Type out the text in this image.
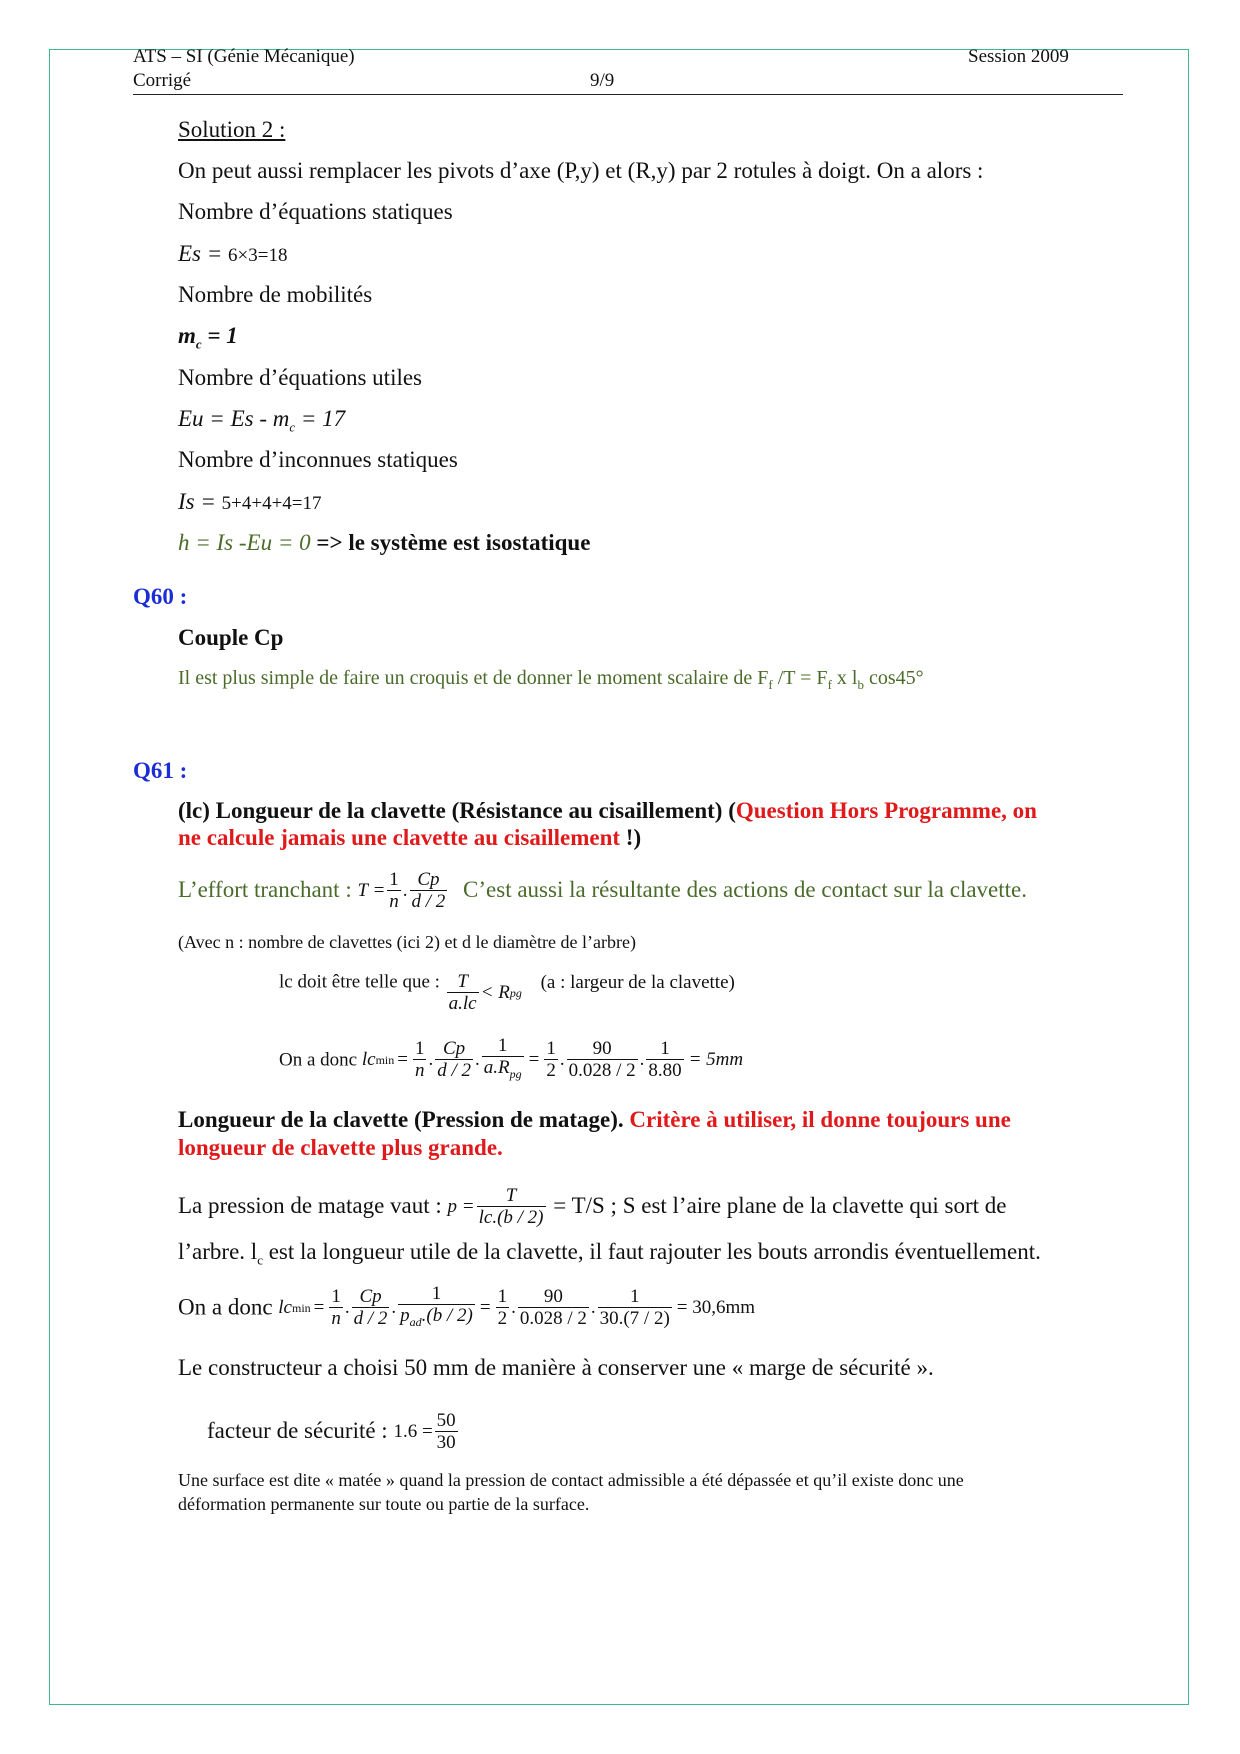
ATS – SI (Génie Mécanique)
Corrigé
Session 2009
9/9
Solution 2 :
On peut aussi remplacer les pivots d’axe (P,y) et (R,y) par 2 rotules à doigt. On a alors :
Nombre d’équations statiques
Es = 6×3=18
Nombre de mobilités
$m_c = 1$
Nombre d’équations utiles
$Eu = Es - m_c = 17$
Nombre d’inconnues statiques
Is = 5+4+4+4=17
h = Is -Eu = 0 => le système est isostatique
Q60 :
Couple Cp
Il est plus simple de faire un croquis et de donner le moment scalaire de $F_f$ $/T = F_f$ x $l_b$ cos45°
Q61 :
(lc) Longueur de la clavette (Résistance au cisaillement) (Question Hors Programme, on
ne calcule jamais une clavette au cisaillement !)
L’effort tranchant : $T = \frac{1}{n}$ . $\frac{Cp}{d / 2}$ C’est aussi la résultante des actions de contact sur la clavette.
(Avec n : nombre de clavettes (ici 2) et d le diamètre de l’arbre)
lc doit être telle que : $\frac{T}{a.lc} < R$ pg (a : largeur de la clavette)
On a donc lc $\min = \frac{1}{n}$ . $\frac{Cp}{d / 2}$ . $\frac{1}{a.R_{pg}} = \frac{1}{2}$ . $\frac{90}{0.028 / 2}$ . $\frac{1}{8.80} = 5mm$
Longueur de la clavette (Pression de matage). Critère à utiliser, il donne toujours une
longueur de clavette plus grande.
La pression de matage vaut : $p = \frac{T}{lc.(b / 2)} = T/S$ ; S est l’aire plane de la clavette qui sort de
l’arbre. $l_c$ est la longueur utile de la clavette, il faut rajouter les bouts arrondis éventuellement.
On a donc lc $\min = \frac{1}{n}$ . $\frac{Cp}{d / 2}$ . $\frac{1}{p_{ad}.(b / 2)} = \frac{1}{2}$ . $\frac{90}{0.028 / 2}$ . $\frac{1}{30.(7 / 2)} = 30,6mm$
Le constructeur a choisi 50 mm de manière à conserver une « marge de sécurité ».
facteur de sécurité : $1.6 = \frac{50}{30}$
Une surface est dite « matée » quand la pression de contact admissible a été dépassée et qu’il existe donc une
déformation permanente sur toute ou partie de la surface.
